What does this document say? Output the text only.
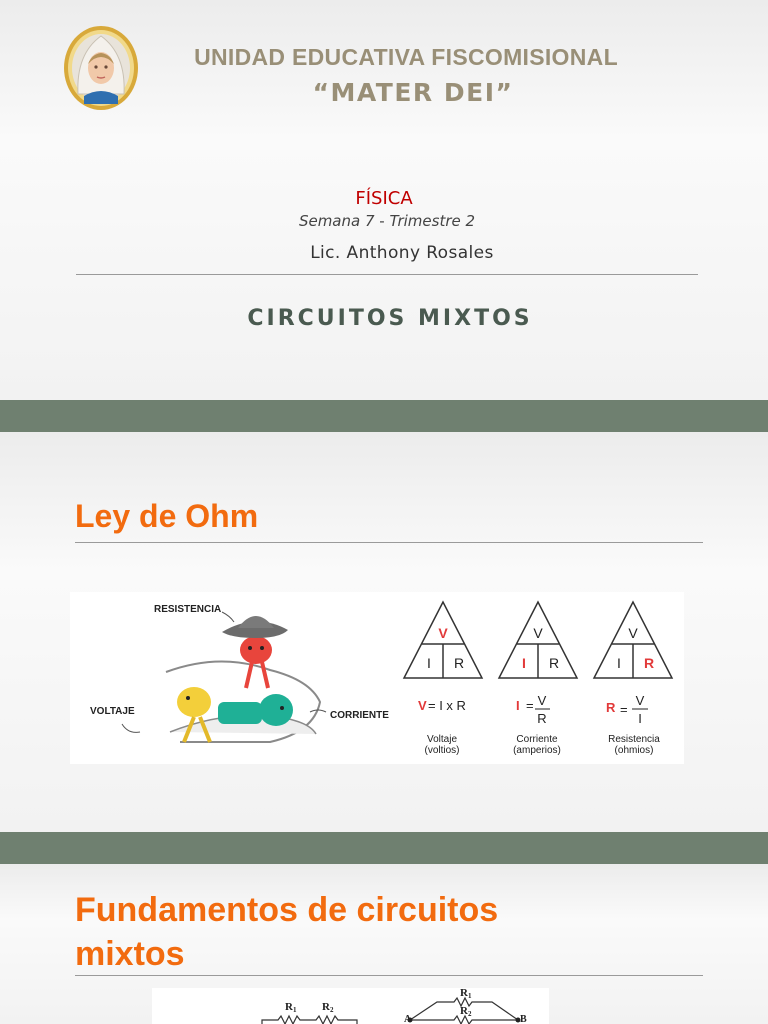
UNIDAD EDUCATIVA FISCOMISIONAL
“MATER DEI”
FÍSICA
Semana 7 - Trimestre 2
Lic. Anthony Rosales
CIRCUITOS MIXTOS
Ley de Ohm
RESISTENCIA
VOLTAJE	CORRIENTE
V
I R
V = I x R
Voltaje
(voltios)
V
I R
I = V
R
Corriente
(amperios)
V
I R
R =
V
I
Resistencia
(ohmios)
Fundamentos de circuitos
mixtos
R1 R2
R1
R2
A	B
